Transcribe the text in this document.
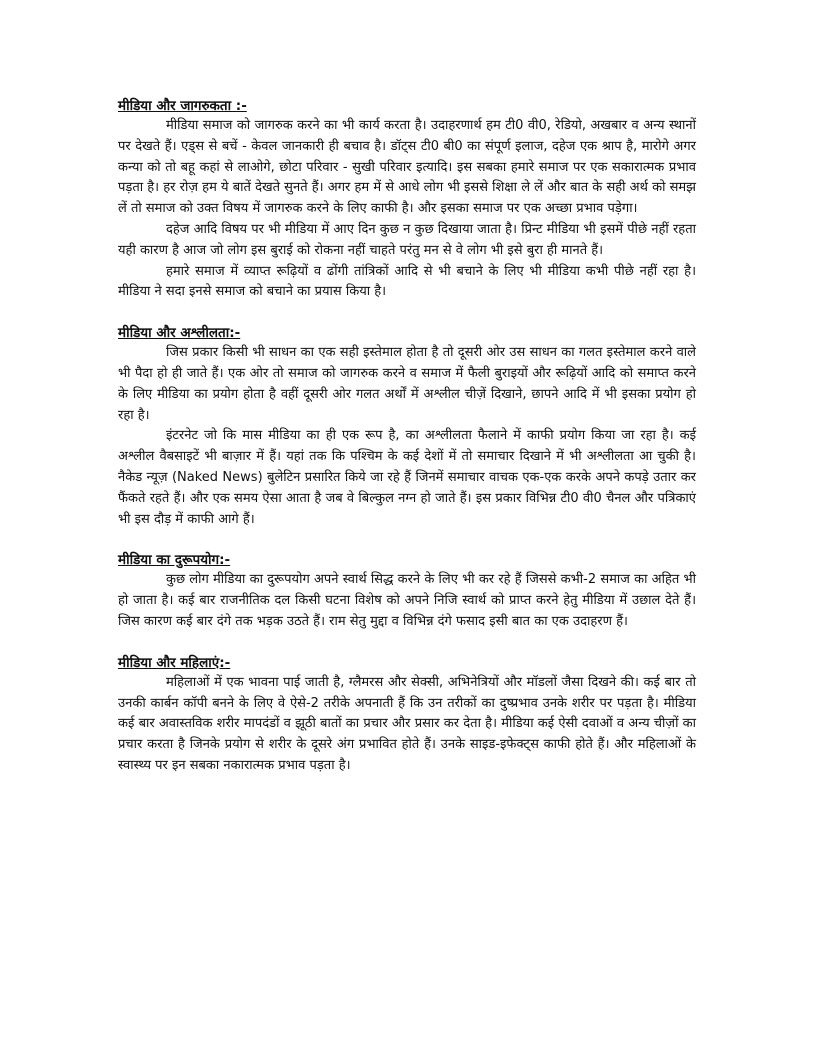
मीडिया और जागरुकता :-

मीडिया समाज को जागरुक करने का भी कार्य करता है। उदाहरणार्थ हम टी0 वी0, रेडियो, अखबार व अन्य स्थानों पर देखते हैं। एड्स से बचें - केवल जानकारी ही बचाव है। डॉट्स टी0 बी0 का संपूर्ण इलाज, दहेज एक श्राप है, मारोगे अगर कन्या को तो बहू कहां से लाओगे, छोटा परिवार - सुखी परिवार इत्यादि। इस सबका हमारे समाज पर एक सकारात्मक प्रभाव पड़ता है। हर रोज़ हम ये बातें देखते सुनते हैं। अगर हम में से आधे लोग भी इससे शिक्षा ले लें और बात के सही अर्थ को समझ लें तो समाज को उक्त विषय में जागरुक करने के लिए काफी है। और इसका समाज पर एक अच्छा प्रभाव पड़ेगा।

दहेज आदि विषय पर भी मीडिया में आए दिन कुछ न कुछ दिखाया जाता है। प्रिन्ट मीडिया भी इसमें पीछे नहीं रहता यही कारण है आज जो लोग इस बुराई को रोकना नहीं चाहते परंतु मन से वे लोग भी इसे बुरा ही मानते हैं।

हमारे समाज में व्याप्त रूढ़ियों व ढोंगी तांत्रिकों आदि से भी बचाने के लिए भी मीडिया कभी पीछे नहीं रहा है। मीडिया ने सदा इनसे समाज को बचाने का प्रयास किया है।

मीडिया और अश्लीलता:-

जिस प्रकार किसी भी साधन का एक सही इस्तेमाल होता है तो दूसरी ओर उस साधन का गलत इस्तेमाल करने वाले भी पैदा हो ही जाते हैं। एक ओर तो समाज को जागरुक करने व समाज में फैली बुराइयों और रूढ़ियों आदि को समाप्त करने के लिए मीडिया का प्रयोग होता है वहीं दूसरी ओर गलत अर्थों में अश्लील चीज़ें दिखाने, छापने आदि में भी इसका प्रयोग हो रहा है।

इंटरनेट जो कि मास मीडिया का ही एक रूप है, का अश्लीलता फैलाने में काफी प्रयोग किया जा रहा है। कई अश्लील वैबसाइटें भी बाज़ार में हैं। यहां तक कि पश्चिम के कई देशों में तो समाचार दिखाने में भी अश्लीलता आ चुकी है। नैकेड न्यूज़ (Naked News) बुलेटिन प्रसारित किये जा रहे हैं जिनमें समाचार वाचक एक-एक करके अपने कपड़े उतार कर फैंकते रहते हैं। और एक समय ऐसा आता है जब वे बिल्कुल नग्न हो जाते हैं। इस प्रकार विभिन्न टी0 वी0 चैनल और पत्रिकाएं भी इस दौड़ में काफी आगे हैं।

मीडिया का दुरूपयोग:-

कुछ लोग मीडिया का दुरूपयोग अपने स्वार्थ सिद्ध करने के लिए भी कर रहे हैं जिससे कभी-2 समाज का अहित भी हो जाता है। कई बार राजनीतिक दल किसी घटना विशेष को अपने निजि स्वार्थ को प्राप्त करने हेतु मीडिया में उछाल देते हैं। जिस कारण कई बार दंगे तक भड़क उठते हैं। राम सेतु मुद्दा व विभिन्न दंगे फसाद इसी बात का एक उदाहरण हैं।

मीडिया और महिलाएं:-

महिलाओं में एक भावना पाई जाती है, ग्लैमरस और सेक्सी, अभिनेत्रियों और मॉडलों जैसा दिखने की। कई बार तो उनकी कार्बन कॉपी बनने के लिए वे ऐसे-2 तरीके अपनाती हैं कि उन तरीकों का दुष्प्रभाव उनके शरीर पर पड़ता है। मीडिया कई बार अवास्तविक शरीर मापदंडों व झूठी बातों का प्रचार और प्रसार कर देता है। मीडिया कई ऐसी दवाओं व अन्य चीज़ों का प्रचार करता है जिनके प्रयोग से शरीर के दूसरे अंग प्रभावित होते हैं। उनके साइड-इफेक्ट्स काफी होते हैं। और महिलाओं के स्वास्थ्य पर इन सबका नकारात्मक प्रभाव पड़ता है।
